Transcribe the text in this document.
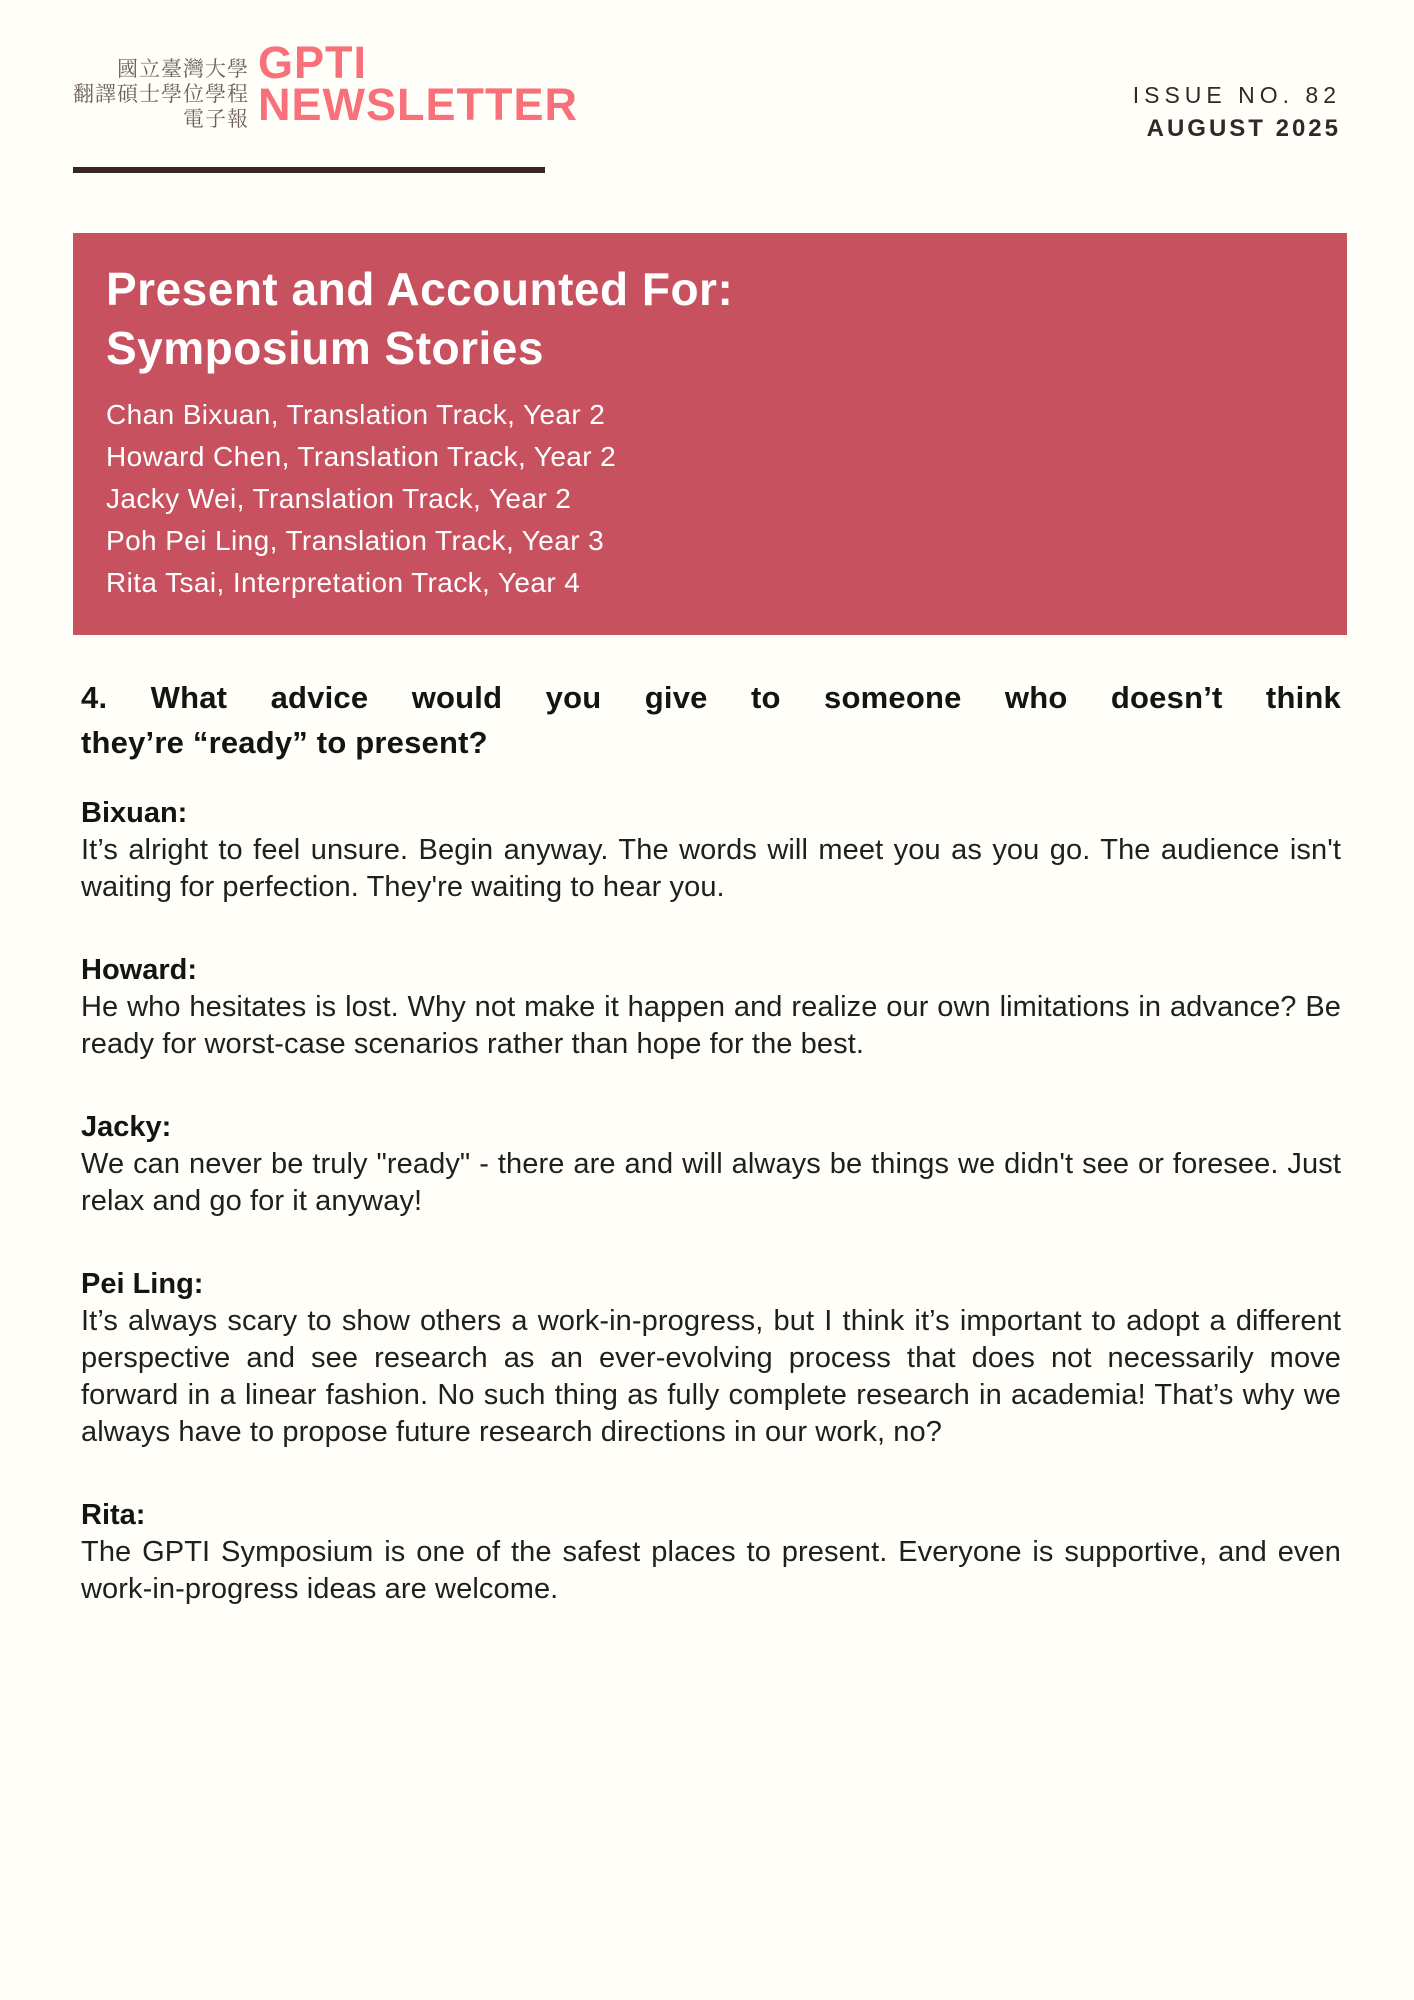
國立臺灣大學
翻譯碩士學位學程
電子報
GPTI
NEWSLETTER	ISSUE NO. 82
AUGUST 2025
Present and Accounted For:
Symposium Stories
Chan Bixuan, Translation Track, Year 2
Howard Chen, Translation Track, Year 2
Jacky Wei, Translation Track, Year 2
Poh Pei Ling, Translation Track, Year 3
Rita Tsai, Interpretation Track, Year 4
4. What advice would you give to someone who doesn’t think
they’re “ready” to present?
Bixuan:

It’s alright to feel unsure. Begin anyway. The words will meet you as you go. The audience isn't waiting for perfection. They're waiting to hear you.

Howard:

He who hesitates is lost. Why not make it happen and realize our own limitations in advance? Be ready for worst-case scenarios rather than hope for the best.

Jacky:

We can never be truly "ready" - there are and will always be things we didn't see or foresee. Just relax and go for it anyway!

Pei Ling:

It’s always scary to show others a work-in-progress, but I think it’s important to adopt a different perspective and see research as an ever-evolving process that does not necessarily move forward in a linear fashion. No such thing as fully complete research in academia! That’s why we always have to propose future research directions in our work, no?

Rita:

The GPTI Symposium is one of the safest places to present. Everyone is supportive, and even work-in-progress ideas are welcome.
